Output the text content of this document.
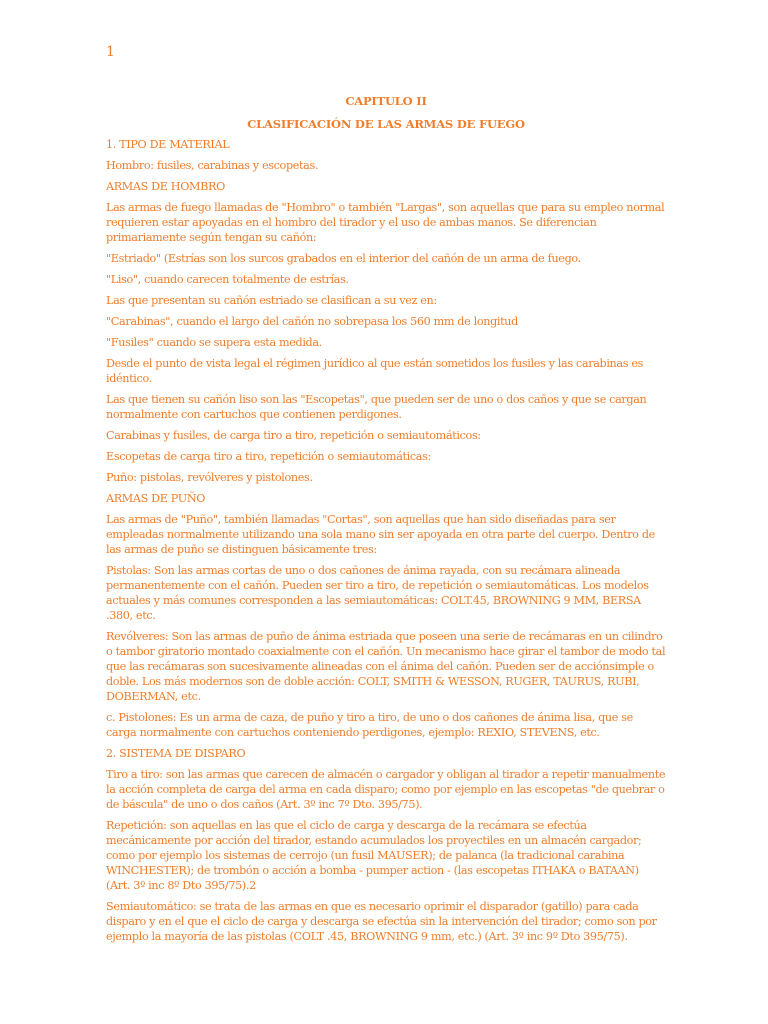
1
CAPITULO II
CLASIFICACIÓN DE LAS ARMAS DE FUEGO
1. TIPO DE MATERIAL
Hombro: fusiles, carabinas y escopetas.
ARMAS DE HOMBRO
Las armas de fuego llamadas de "Hombro" o también "Largas", son aquellas que para su empleo normal requieren estar apoyadas en el hombro del tirador y el uso de ambas manos. Se diferencian primariamente según tengan su cañón:
"Estriado" (Estrías son los surcos grabados en el interior del cañón de un arma de fuego.
"Liso", cuando carecen totalmente de estrías.
Las que presentan su cañón estriado se clasifican a su vez en:
"Carabinas", cuando el largo del cañón no sobrepasa los 560 mm de longitud
"Fusiles" cuando se supera esta medida.
Desde el punto de vista legal el régimen jurídico al que están sometidos los fusiles y las carabinas es idéntico.
Las que tienen su cañón liso son las "Escopetas", que pueden ser de uno o dos caños y que se cargan normalmente con cartuchos que contienen perdigones.
Carabinas y fusiles, de carga tiro a tiro, repetición o semiautomáticos:
Escopetas de carga tiro a tiro, repetición o semiautomáticas:
Puño: pistolas, revólveres y pistolones.
ARMAS DE PUÑO
Las armas de "Puño", también llamadas "Cortas", son aquellas que han sido diseñadas para ser empleadas normalmente utilizando una sola mano sin ser apoyada en otra parte del cuerpo. Dentro de las armas de puño se distinguen básicamente tres:
Pistolas: Son las armas cortas de uno o dos cañones de ánima rayada, con su recámara alineada permanentemente con el cañón. Pueden ser tiro a tiro, de repetición o semiautomáticas. Los modelos actuales y más comunes corresponden a las semiautomáticas: COLT.45, BROWNING 9 MM, BERSA .380, etc.
Revólveres: Son las armas de puño de ánima estriada que poseen una serie de recámaras en un cilindro o tambor giratorio montado coaxialmente con el cañón. Un mecanismo hace girar el tambor de modo tal que las recámaras son sucesivamente alineadas con el ánima del cañón. Pueden ser de acciónsimple o doble. Los más modernos son de doble acción: COLT, SMITH & WESSON, RUGER, TAURUS, RUBI, DOBERMAN, etc.
c. Pistolones: Es un arma de caza, de puño y tiro a tiro, de uno o dos cañones de ánima lisa, que se carga normalmente con cartuchos conteniendo perdigones, ejemplo: REXIO, STEVENS, etc.
2. SISTEMA DE DISPARO
Tiro a tiro: son las armas que carecen de almacén o cargador y obligan al tirador a repetir manualmente la acción completa de carga del arma en cada disparo; como por ejemplo en las escopetas "de quebrar o de báscula" de uno o dos caños (Art. 3º inc 7º Dto. 395/75).
Repetición: son aquellas en las que el ciclo de carga y descarga de la recámara se efectúa mecánicamente por acción del tirador, estando acumulados los proyectiles en un almacén cargador; como por ejemplo los sistemas de cerrojo (un fusil MAUSER); de palanca (la tradicional carabina WINCHESTER); de trombón o acción a bomba - pumper action - (las escopetas ITHAKA o BATAAN) (Art. 3º inc 8º Dto 395/75).2
Semiautomático: se trata de las armas en que es necesario oprimir el disparador (gatillo) para cada disparo y en el que el ciclo de carga y descarga se efectúa sin la intervención del tirador; como son por ejemplo la mayoría de las pistolas (COLT .45, BROWNING 9 mm, etc.) (Art. 3º inc 9º Dto 395/75).
